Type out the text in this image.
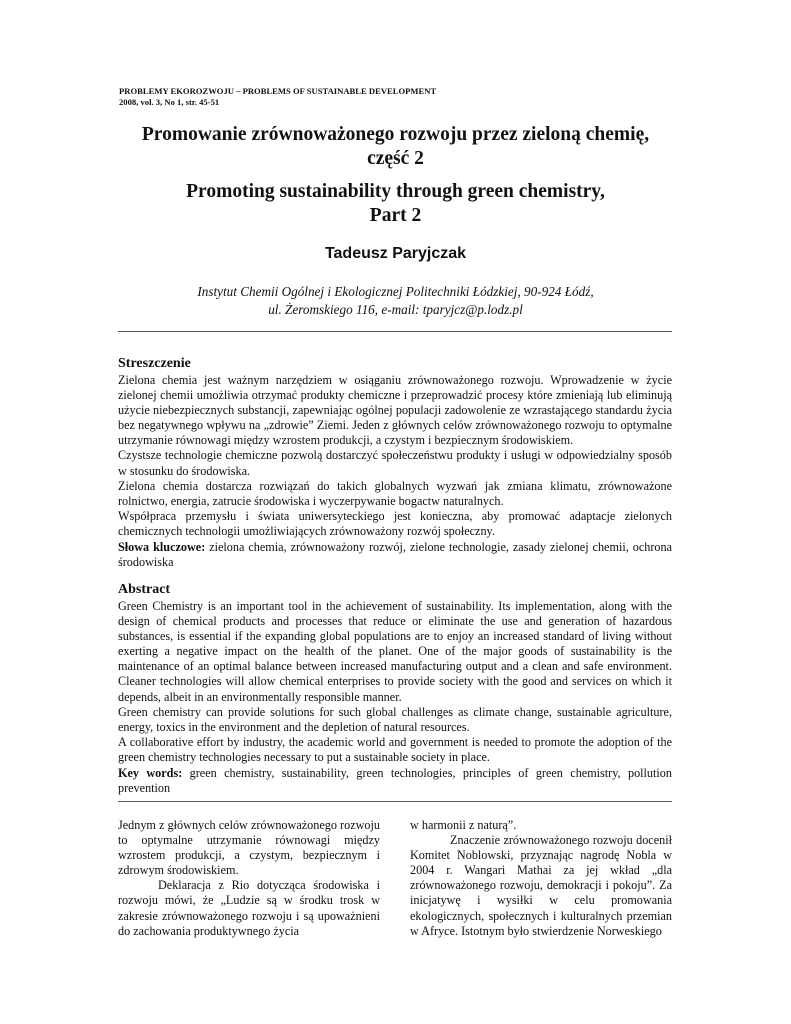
PROBLEMY EKOROZWOJU – PROBLEMS OF SUSTAINABLE DEVELOPMENT
2008, vol. 3, No 1, str. 45-51
Promowanie zrównoważonego rozwoju przez zieloną chemię,
część 2
Promoting sustainability through green chemistry,
Part 2
Tadeusz Paryjczak
Instytut Chemii Ogólnej i Ekologicznej Politechniki Łódzkiej, 90-924 Łódź,
ul. Żeromskiego 116, e-mail: tparyjcz@p.lodz.pl
Streszczenie

Zielona chemia jest ważnym narzędziem w osiąganiu zrównoważonego rozwoju. Wprowadzenie w życie zielonej chemii umożliwia otrzymać produkty chemiczne i przeprowadzić procesy które zmieniają lub eliminują użycie niebezpiecznych substancji, zapewniając ogólnej populacji zadowolenie ze wzrastającego standardu życia bez negatywnego wpływu na „zdrowie” Ziemi. Jeden z głównych celów zrównoważonego rozwoju to optymalne utrzymanie równowagi między wzrostem produkcji, a czystym i bezpiecznym środowiskiem.

Czystsze technologie chemiczne pozwolą dostarczyć społeczeństwu produkty i usługi w odpowiedzialny sposób w stosunku do środowiska.

Zielona chemia dostarcza rozwiązań do takich globalnych wyzwań jak zmiana klimatu, zrównoważone rolnictwo, energia, zatrucie środowiska i wyczerpywanie bogactw naturalnych.

Współpraca przemysłu i świata uniwersyteckiego jest konieczna, aby promować adaptacje zielonych chemicznych technologii umożliwiających zrównoważony rozwój społeczny.

Słowa kluczowe: zielona chemia, zrównoważony rozwój, zielone technologie, zasady zielonej chemii, ochrona środowiska

Abstract

Green Chemistry is an important tool in the achievement of sustainability. Its implementation, along with the design of chemical products and processes that reduce or eliminate the use and generation of hazardous substances, is essential if the expanding global populations are to enjoy an increased standard of living without exerting a negative impact on the health of the planet. One of the major goods of sustainability is the maintenance of an optimal balance between increased manufacturing output and a clean and safe environment. Cleaner technologies will allow chemical enterprises to provide society with the good and services on which it depends, albeit in an environmentally responsible manner.

Green chemistry can provide solutions for such global challenges as climate change, sustainable agriculture, energy, toxics in the environment and the depletion of natural resources.

A collaborative effort by industry, the academic world and government is needed to promote the adoption of the green chemistry technologies necessary to put a sustainable society in place.

Key words: green chemistry, sustainability, green technologies, principles of green chemistry, pollution prevention

Jednym z głównych celów zrównoważonego rozwoju to optymalne utrzymanie równowagi między wzrostem produkcji, a czystym, bezpiecznym i zdrowym środowiskiem.

Deklaracja z Rio dotycząca środowiska i rozwoju mówi, że „Ludzie są w środku trosk w zakresie zrównoważonego rozwoju i są upoważnieni do zachowania produktywnego życia

w harmonii z naturą”.

Znaczenie zrównoważonego rozwoju docenił Komitet Noblowski, przyznając nagrodę Nobla w 2004 r. Wangari Mathai za jej wkład „dla zrównoważonego rozwoju, demokracji i pokoju”. Za inicjatywę i wysiłki w celu promowania ekologicznych, społecznych i kulturalnych przemian w Afryce. Istotnym było stwierdzenie Norweskiego
